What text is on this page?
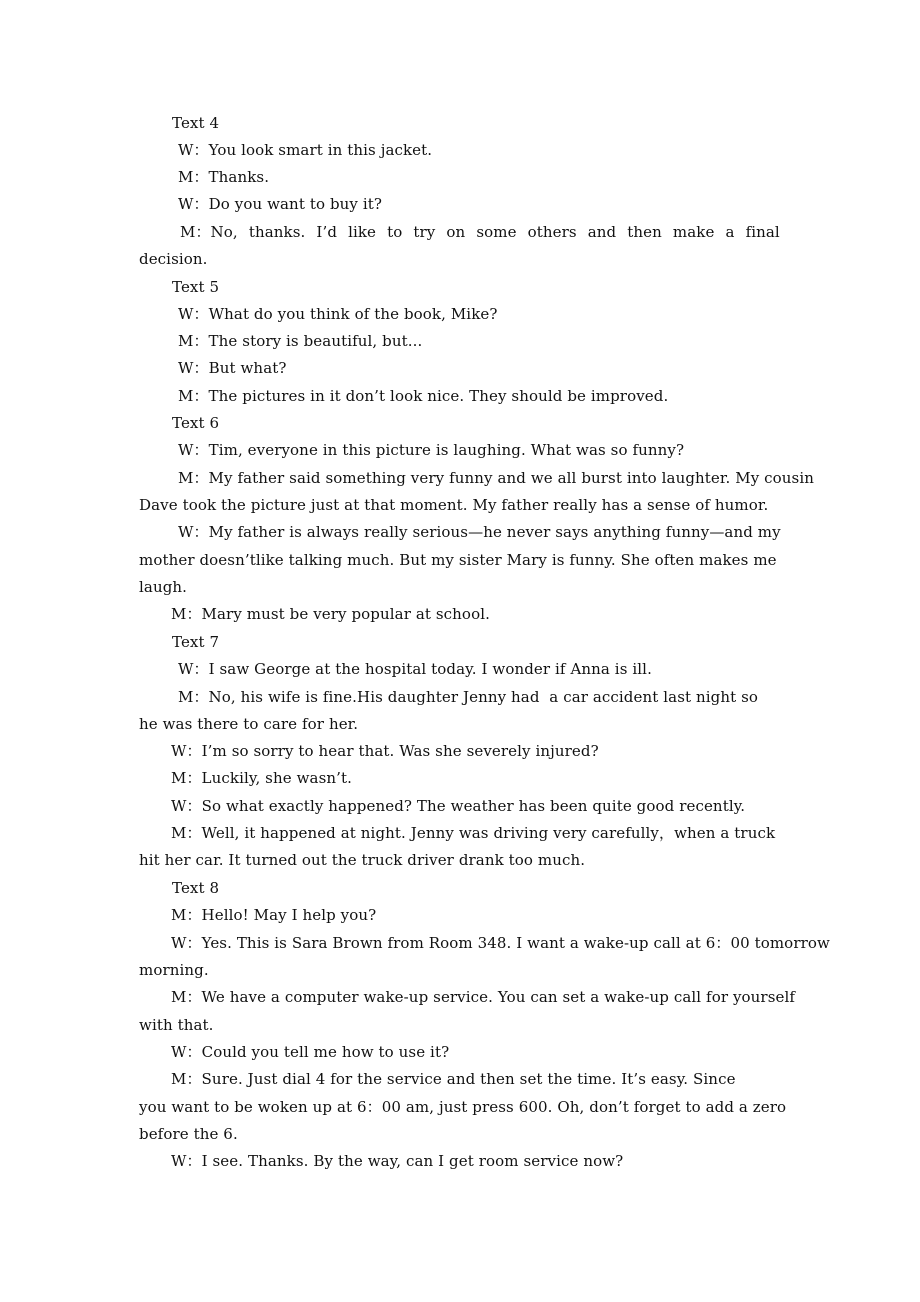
Text 4
W：You look smart in this jacket.
M：Thanks.
W：Do you want to buy it?
M：No, thanks. I’d like to try on some others and then make a final
decision.
Text 5
W：What do you think of the book, Mike?
M：The story is beautiful, but...
W：But what?
M：The pictures in it don’t look nice. They should be improved.
Text 6
W：Tim, everyone in this picture is laughing. What was so funny?
M：My father said something very funny and we all burst into laughter. My cousin
Dave took the picture just at that moment. My father really has a sense of humor.
W：My father is always really serious—he never says anything funny—and my
mother doesn’tlike talking much. But my sister Mary is funny. She often makes me
laugh.
M：Mary must be very popular at school.
Text 7
W：I saw George at the hospital today. I wonder if Anna is ill.
M：No, his wife is fine.His daughter Jenny had  a car accident last night so
he was there to care for her.
W：I’m so sorry to hear that. Was she severely injured?
M：Luckily, she wasn’t.
W：So what exactly happened? The weather has been quite good recently.
M：Well, it happened at night. Jenny was driving very carefully，when a truck
hit her car. It turned out the truck driver drank too much.
Text 8
M：Hello! May I help you?
W：Yes. This is Sara Brown from Room 348. I want a wake-up call at 6：00 tomorrow
morning.
M：We have a computer wake-up service. You can set a wake-up call for yourself
with that.
W：Could you tell me how to use it?
M：Sure. Just dial 4 for the service and then set the time. It’s easy. Since
you want to be woken up at 6：00 am, just press 600. Oh, don’t forget to add a zero
before the 6.
W：I see. Thanks. By the way, can I get room service now?
